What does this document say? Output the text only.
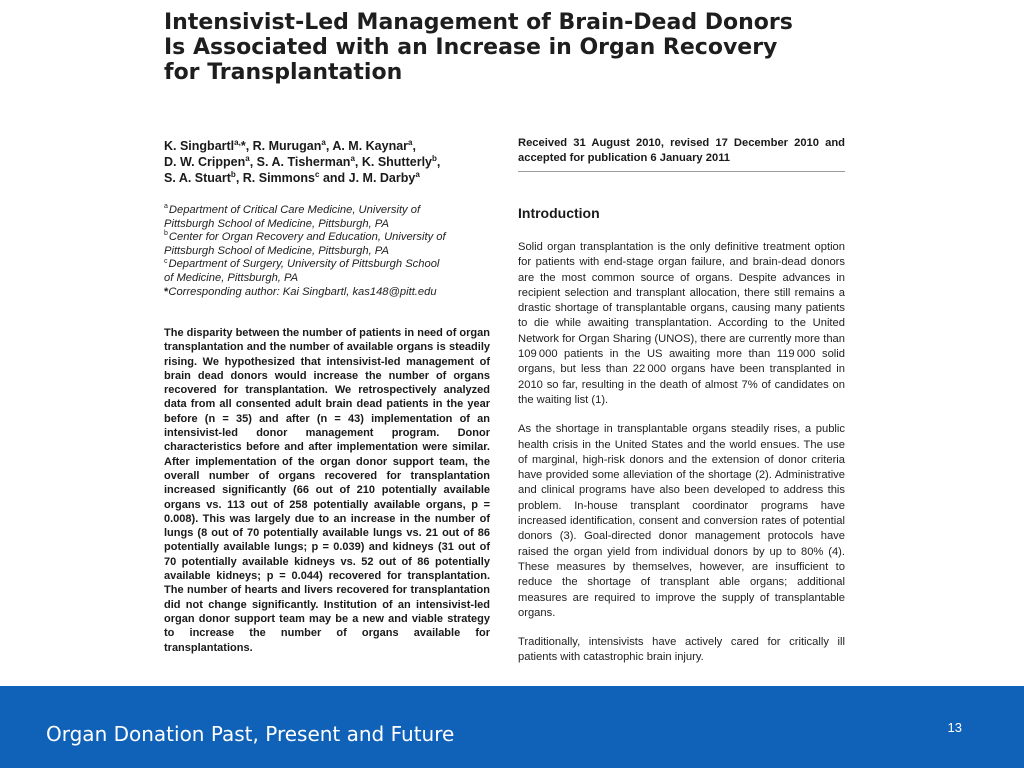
Intensivist-Led Management of Brain-Dead Donors
Is Associated with an Increase in Organ Recovery
for Transplantation
K. Singbartl$^{a,}$*, R. Murugan$^a$, A. M. Kaynar$^a$,
D. W. Crippen$^a$, S. A. Tisherman$^a$, K. Shutterly$^b$,
S. A. Stuart$^b$, R. Simmons$^c$ and J. M. Darby$^a$
$^a$Department of Critical Care Medicine, University of
Pittsburgh School of Medicine, Pittsburgh, PA
$^b$Center for Organ Recovery and Education, University of
Pittsburgh School of Medicine, Pittsburgh, PA
$^c$Department of Surgery, University of Pittsburgh School
of Medicine, Pittsburgh, PA
*Corresponding author: Kai Singbartl, kas148@pitt.edu

The disparity between the number of patients in need of organ transplantation and the number of available organs is steadily rising. We hypothesized that intensivist-led management of brain dead donors would increase the number of organs recovered for transplantation. We retrospectively analyzed data from all consented adult brain dead patients in the year before (n = 35) and after (n = 43) implementation of an intensivist-led donor management program. Donor characteristics before and after implementation were similar. After implementation of the organ donor support team, the overall number of organs recovered for transplantation increased significantly (66 out of 210 potentially available organs vs. 113 out of 258 potentially available organs, p = 0.008). This was largely due to an increase in the number of lungs (8 out of 70 potentially available lungs vs. 21 out of 86 potentially available lungs; p = 0.039) and kidneys (31 out of 70 potentially available kidneys vs. 52 out of 86 potentially available kidneys; p = 0.044) recovered for transplantation. The number of hearts and livers recovered for transplantation did not change significantly. Institution of an intensivist-led organ donor support team may be a new and viable strategy to increase the number of organs available for transplantations.

Received 31 August 2010, revised 17 December 2010 and accepted for publication 6 January 2011

Introduction

Solid organ transplantation is the only definitive treatment option for patients with end-stage organ failure, and brain-dead donors are the most common source of organs. Despite advances in recipient selection and transplant allocation, there still remains a drastic shortage of transplantable organs, causing many patients to die while awaiting transplantation. According to the United Network for Organ Sharing (UNOS), there are currently more than 109 000 patients in the US awaiting more than 119 000 solid organs, but less than 22 000 organs have been transplanted in 2010 so far, resulting in the death of almost 7% of candidates on the waiting list (1).

As the shortage in transplantable organs steadily rises, a public health crisis in the United States and the world ensues. The use of marginal, high-risk donors and the extension of donor criteria have provided some alleviation of the shortage (2). Administrative and clinical programs have also been developed to address this problem. In-house transplant coordinator programs have increased identification, consent and conversion rates of potential donors (3). Goal-directed donor management protocols have raised the organ yield from individual donors by up to 80% (4). These measures by themselves, however, are insufficient to reduce the shortage of transplant able organs; additional measures are required to improve the supply of transplantable organs.

Traditionally, intensivists have actively cared for critically ill patients with catastrophic brain injury.

Organ Donation Past, Present and Future	13
